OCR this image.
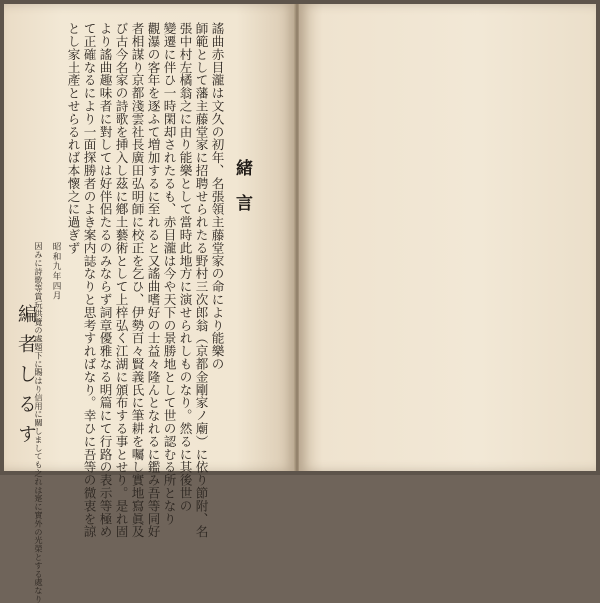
緒
言
謠曲赤目瀧は文久の初年、名張領主藤堂家の命により能樂の
師範として藩主藤堂家に招聘せられたる野村三次郎翁（京都金剛家ノ廟）に依り節附、名
張中村左橘翁之に由り能樂として當時此地方に演せられしものなり。然るに其後世の
變遷に伴ひ一時閑却されたるも、赤目瀧は今や天下の景勝地として世の認むる所となり
觀瀑の客年を逐ふて増加するに至れると又謠曲嗜好の士益々隆んとなれるに鑑み吾等同好
者相謀り京都淺雲社長廣田弘明師に校正を乞ひ、伊勢百々賢義氏に筆耕を囑し實地寫眞及
び古今名家の詩歌を挿入し茲に鄕土藝術として上梓弘く江湖に頒布する事とせり。是れ固
より謠曲趣味者に對しては好伴侶たるのみならず詞章優雅なる明篇にて行路の表示等極め
て正確なるにより一面探勝者のよき案内誌なりと思考すればなり。幸ひに吾等の微衷を諒
とし家土產とせらるれば本懷之に過ぎず
昭和九年四月
因みに詩歌等賞玩供覽の處題下に賜はり信用に關しましても之れは寔に實外の光榮とする處なり
編者しるす
